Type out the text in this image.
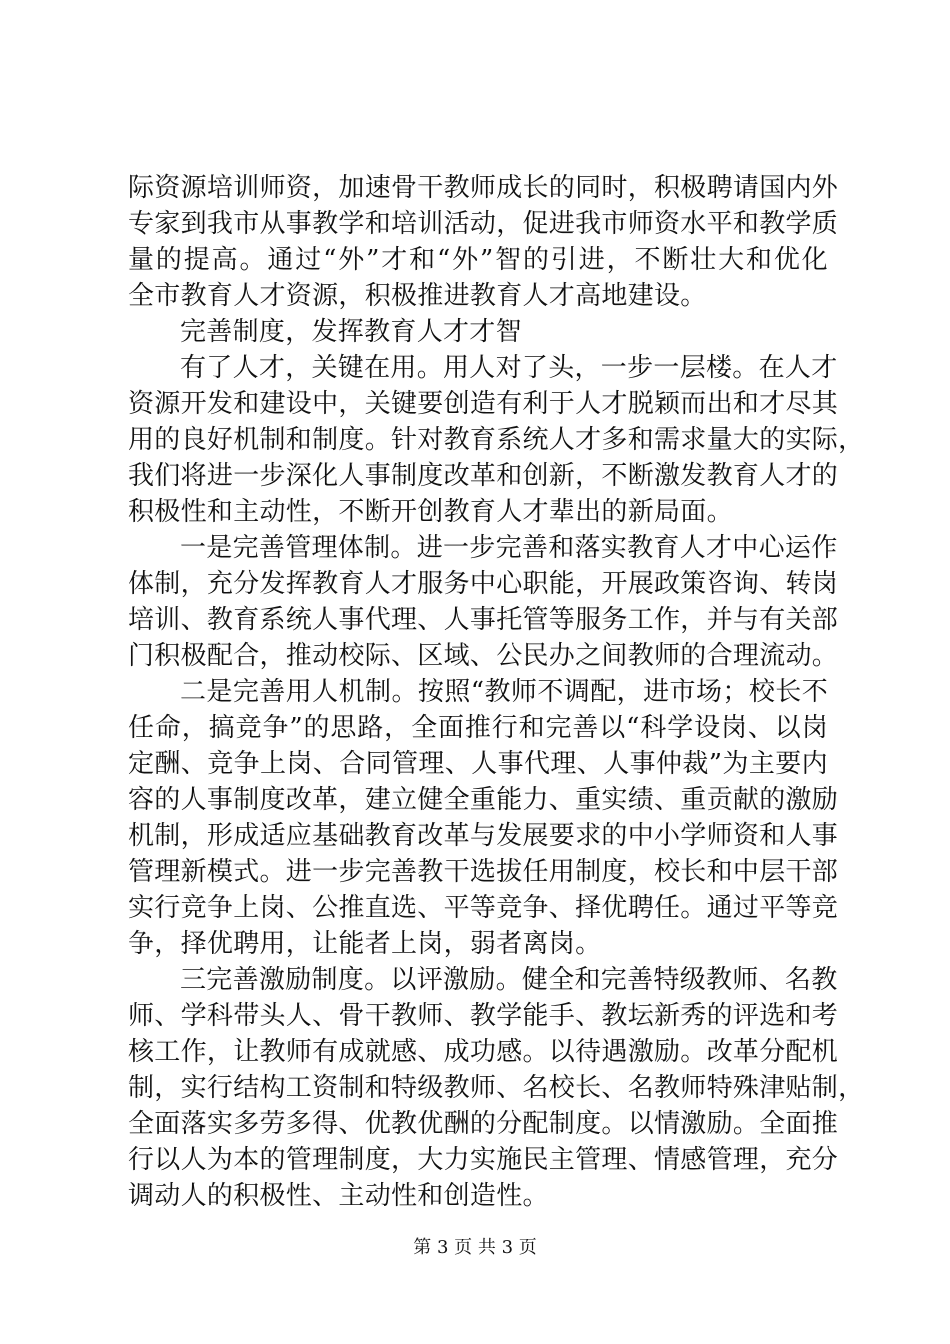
际资源培训师资，加速骨干教师成长的同时，积极聘请国内外
专家到我市从事教学和培训活动，促进我市师资水平和教学质
量的提高。通过“外”才和“外”智的引进，不断壮大和优化
全市教育人才资源，积极推进教育人才高地建设。
完善制度，发挥教育人才才智
有了人才，关键在用。用人对了头，一步一层楼。在人才
资源开发和建设中，关键要创造有利于人才脱颖而出和才尽其
用的良好机制和制度。针对教育系统人才多和需求量大的实际，
我们将进一步深化人事制度改革和创新，不断激发教育人才的
积极性和主动性，不断开创教育人才辈出的新局面。
一是完善管理体制。进一步完善和落实教育人才中心运作
体制，充分发挥教育人才服务中心职能，开展政策咨询、转岗
培训、教育系统人事代理、人事托管等服务工作，并与有关部
门积极配合，推动校际、区域、公民办之间教师的合理流动。
二是完善用人机制。按照“教师不调配，进市场；校长不
任命，搞竞争”的思路，全面推行和完善以“科学设岗、以岗
定酬、竞争上岗、合同管理、人事代理、人事仲裁”为主要内
容的人事制度改革，建立健全重能力、重实绩、重贡献的激励
机制，形成适应基础教育改革与发展要求的中小学师资和人事
管理新模式。进一步完善教干选拔任用制度，校长和中层干部
实行竞争上岗、公推直选、平等竞争、择优聘任。通过平等竞
争，择优聘用，让能者上岗，弱者离岗。
三完善激励制度。以评激励。健全和完善特级教师、名教
师、学科带头人、骨干教师、教学能手、教坛新秀的评选和考
核工作，让教师有成就感、成功感。以待遇激励。改革分配机
制，实行结构工资制和特级教师、名校长、名教师特殊津贴制，
全面落实多劳多得、优教优酬的分配制度。以情激励。全面推
行以人为本的管理制度，大力实施民主管理、情感管理，充分
调动人的积极性、主动性和创造性。
第 3 页 共 3 页
